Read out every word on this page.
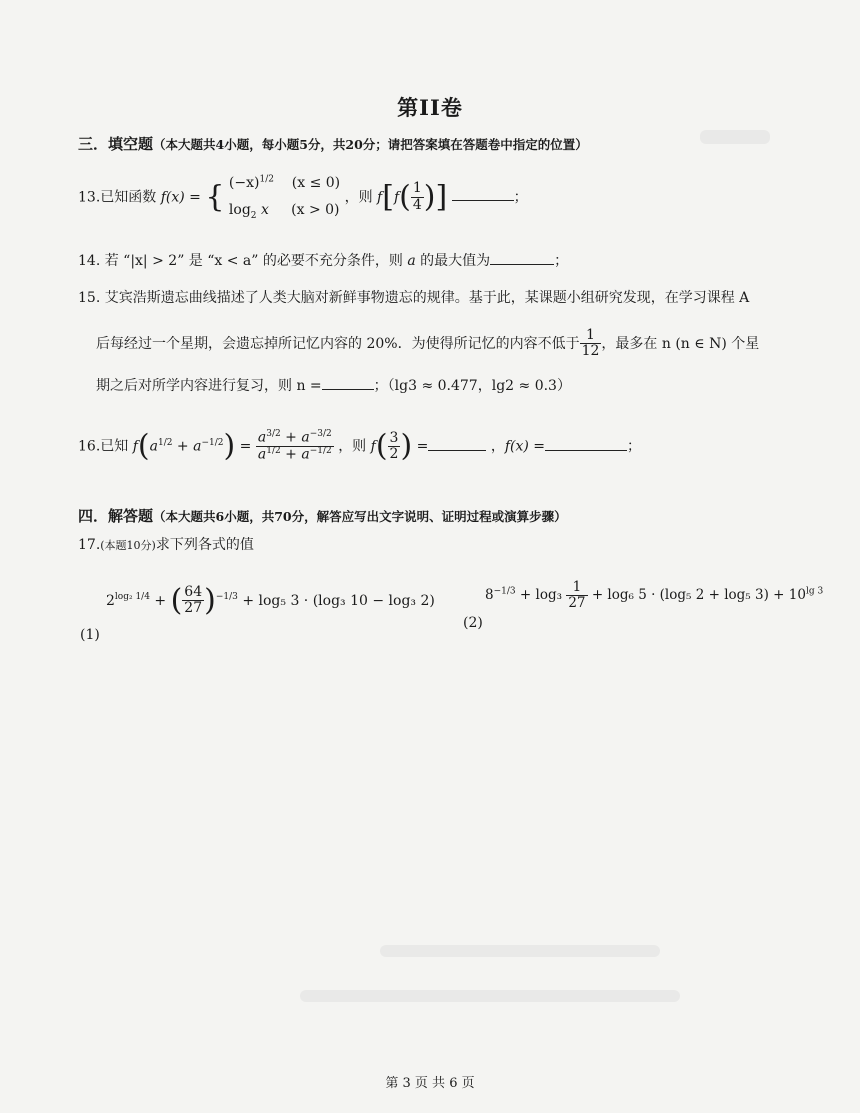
第II卷
三．填空题（本大题共4小题，每小题5分，共20分；请把答案填在答题卷中指定的位置）
13.已知函数 f(x) = { $(-x)^{1/2}$ (x ≤ 0)
$\log_2 x$ (x > 0)
，则 $f[f( \frac{1}{4}$ )]	；
14. 若 “|x| > 2” 是 “x < a” 的必要不充分条件，则 a 的最大值为	；
15. 艾宾浩斯遗忘曲线描述了人类大脑对新鲜事物遗忘的规律。基于此，某课题小组研究发现，在学习课程 A
后每经过一个星期，会遗忘掉所记忆内容的 20%．为使得所记忆的内容不低于 $\frac{1}{12}$ ，最多在 n (n ∈ N) 个星
期之后对所学内容进行复习，则 n =	；（lg3 ≈ 0.477，lg2 ≈ 0.3）
16.已知 $f(a^{1/2} + a^{-1/2}) = \frac{a^{3/2} + a^{-3/2}}{a^{1/2} + a^{-1/2}}$ ，则 $f( \frac{3}{2}$ ) =	，f(x) =	；
四．解答题（本大题共6小题，共70分，解答应写出文字说明、证明过程或演算步骤）
17.(本题10分)求下列各式的值
(1)
$2^{log_2 1/4}$ + ( $\frac{64}{27} )^{-1/3} + \log_5$ 3 · (log₃ 10 − log₃ 2)
(2)
$8^{-1/3} + \log_3 \frac{1}{27} + \log_6$ 5 · (log₅ 2 + log₅ $3) + 10^{lg 3}$
第 3 页 共 6 页
